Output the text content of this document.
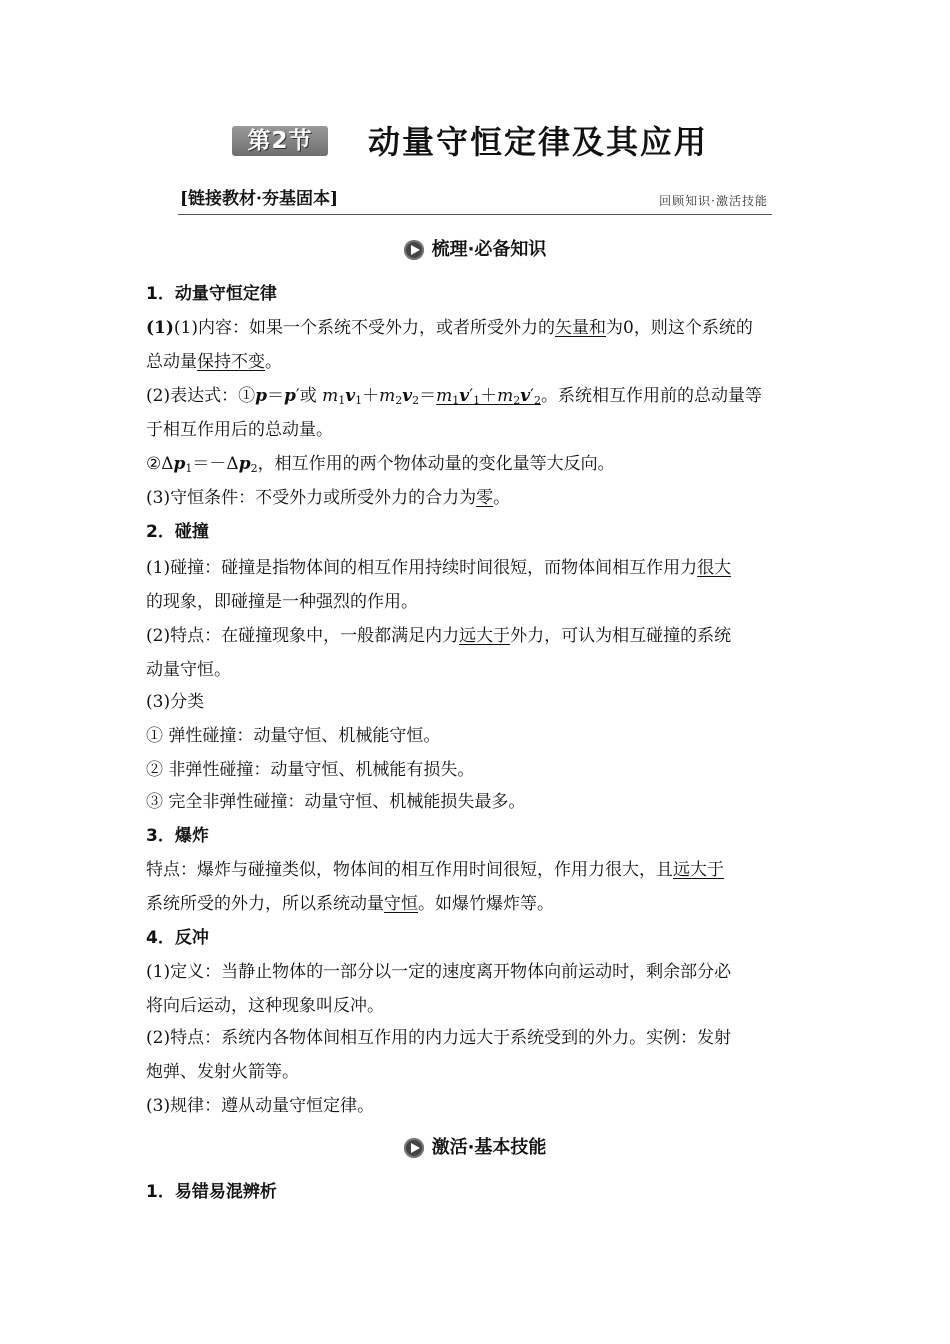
第2节	动量守恒定律及其应用
[链接教材·夯基固本]	回顾知识·激活技能
梳理·必备知识
1．动量守恒定律
(1)(1)内容：如果一个系统不受外力，或者所受外力的矢量和为0，则这个系统的
总动量保持不变。
(2)表达式：①p＝p′或 $m_1v_1+m_2v_2=m_1v'_1+m_2v'_2$。系统相互作用前的总动量等
于相互作用后的总动量。
$②\Delta p_1=-\Delta p_2$，相互作用的两个物体动量的变化量等大反向。
(3)守恒条件：不受外力或所受外力的合力为零。
2．碰撞
(1)碰撞：碰撞是指物体间的相互作用持续时间很短，而物体间相互作用力很大
的现象，即碰撞是一种强烈的作用。
(2)特点：在碰撞现象中，一般都满足内力远大于外力，可认为相互碰撞的系统
动量守恒。
(3)分类
① 弹性碰撞：动量守恒、机械能守恒。
② 非弹性碰撞：动量守恒、机械能有损失。
③ 完全非弹性碰撞：动量守恒、机械能损失最多。
3．爆炸
特点：爆炸与碰撞类似，物体间的相互作用时间很短，作用力很大，且远大于
系统所受的外力，所以系统动量守恒。如爆竹爆炸等。
4．反冲
(1)定义：当静止物体的一部分以一定的速度离开物体向前运动时，剩余部分必
将向后运动，这种现象叫反冲。
(2)特点：系统内各物体间相互作用的内力远大于系统受到的外力。实例：发射
炮弹、发射火箭等。
(3)规律：遵从动量守恒定律。
激活·基本技能
1．易错易混辨析
